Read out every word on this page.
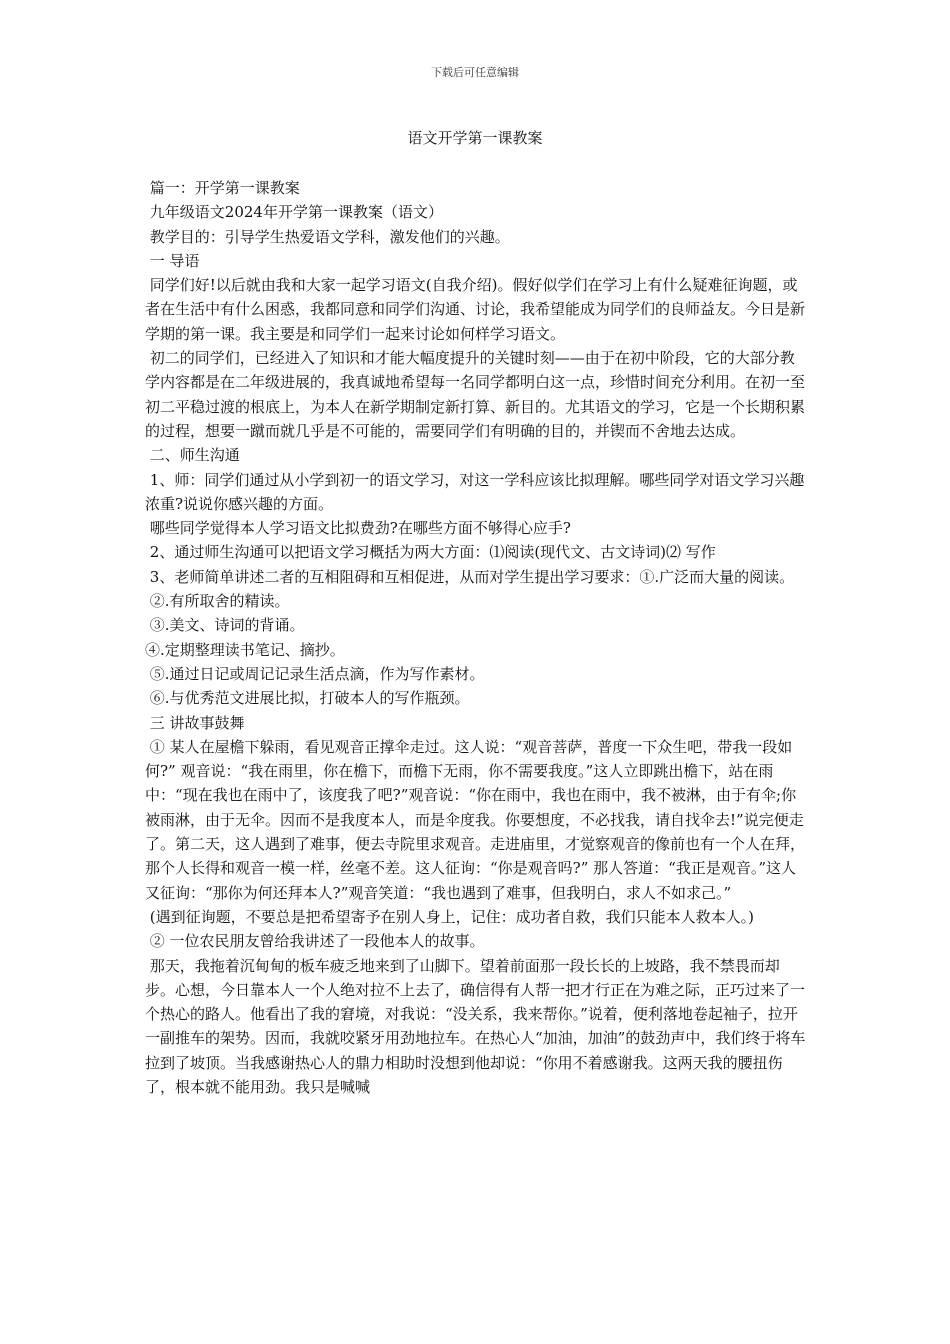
下载后可任意编辑
语文开学第一课教案

篇一：开学第一课教案

九年级语文2024年开学第一课教案（语文）

教学目的：引导学生热爱语文学科，激发他们的兴趣。

一 导语

同学们好!以后就由我和大家一起学习语文(自我介绍)。假好似学们在学习上有什么疑难征询题，或者在生活中有什么困惑，我都同意和同学们沟通、讨论，我希望能成为同学们的良师益友。今日是新学期的第一课。我主要是和同学们一起来讨论如何样学习语文。

初二的同学们，已经进入了知识和才能大幅度提升的关键时刻——由于在初中阶段，它的大部分教学内容都是在二年级进展的，我真诚地希望每一名同学都明白这一点，珍惜时间充分利用。在初一至初二平稳过渡的根底上，为本人在新学期制定新打算、新目的。尤其语文的学习，它是一个长期积累的过程，想要一蹴而就几乎是不可能的，需要同学们有明确的目的，并锲而不舍地去达成。

二、师生沟通

1、师：同学们通过从小学到初一的语文学习，对这一学科应该比拟理解。哪些同学对语文学习兴趣浓重?说说你感兴趣的方面。

哪些同学觉得本人学习语文比拟费劲?在哪些方面不够得心应手?

2、通过师生沟通可以把语文学习概括为两大方面：⑴阅读(现代文、古文诗词)⑵ 写作

3、老师简单讲述二者的互相阻碍和互相促进，从而对学生提出学习要求：①.广泛而大量的阅读。

②.有所取舍的精读。

③.美文、诗词的背诵。

④.定期整理读书笔记、摘抄。

⑤.通过日记或周记记录生活点滴，作为写作素材。

⑥.与优秀范文进展比拟，打破本人的写作瓶颈。

三 讲故事鼓舞

① 某人在屋檐下躲雨，看见观音正撑伞走过。这人说：“观音菩萨，普度一下众生吧，带我一段如何?” 观音说：“我在雨里，你在檐下，而檐下无雨，你不需要我度。”这人立即跳出檐下，站在雨中：“现在我也在雨中了，该度我了吧?”观音说：“你在雨中，我也在雨中，我不被淋，由于有伞;你被雨淋，由于无伞。因而不是我度本人，而是伞度我。你要想度，不必找我，请自找伞去!”说完便走了。第二天，这人遇到了难事，便去寺院里求观音。走进庙里，才觉察观音的像前也有一个人在拜，那个人长得和观音一模一样，丝毫不差。这人征询：“你是观音吗?” 那人答道：“我正是观音。”这人又征询：“那你为何还拜本人?”观音笑道：“我也遇到了难事，但我明白，求人不如求己。”

(遇到征询题，不要总是把希望寄予在别人身上，记住：成功者自救，我们只能本人救本人。)

② 一位农民朋友曾给我讲述了一段他本人的故事。

那天，我拖着沉甸甸的板车疲乏地来到了山脚下。望着前面那一段长长的上坡路，我不禁畏而却步。心想，今日靠本人一个人绝对拉不上去了，确信得有人帮一把才行正在为难之际，正巧过来了一个热心的路人。他看出了我的窘境，对我说：“没关系，我来帮你。”说着，便利落地卷起袖子，拉开一副推车的架势。因而，我就咬紧牙用劲地拉车。在热心人“加油，加油”的鼓劲声中，我们终于将车拉到了坡顶。当我感谢热心人的鼎力相助时没想到他却说：“你用不着感谢我。这两天我的腰扭伤了，根本就不能用劲。我只是喊喊
